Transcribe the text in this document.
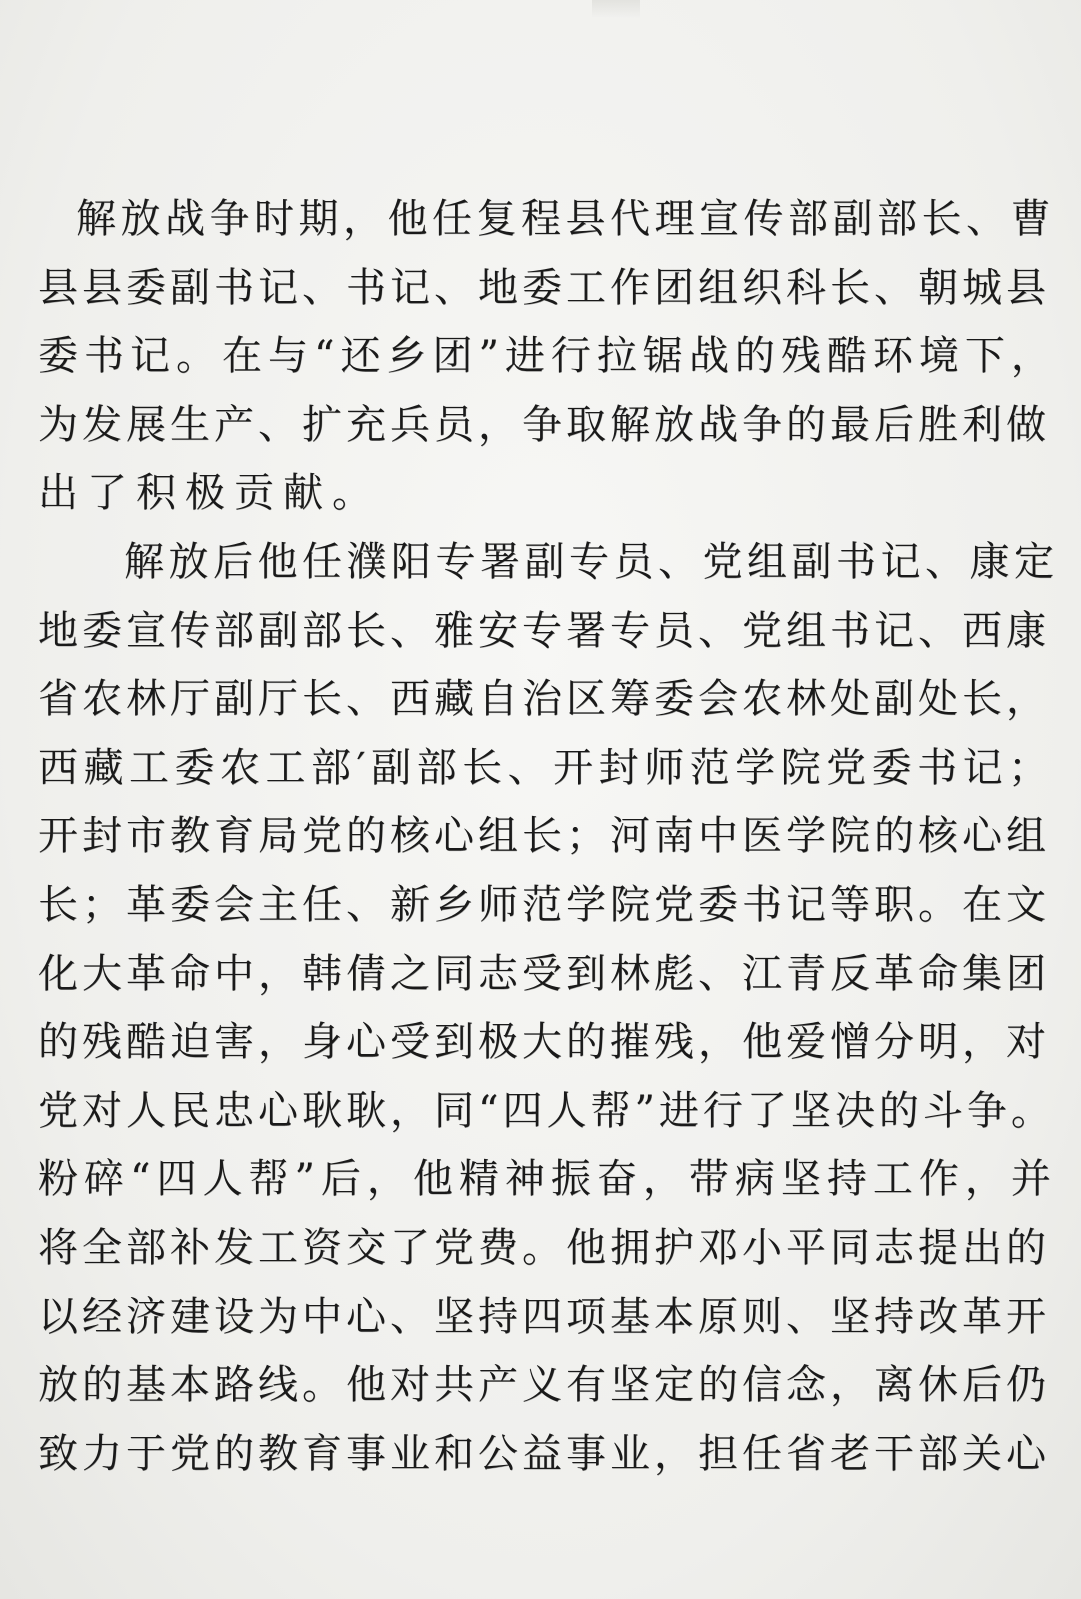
解放战争时期，他任复程县代理宣传部副部长、曹
县县委副书记、书记、地委工作团组织科长、朝城县
委书记。在与“还乡团”进行拉锯战的残酷环境下，
为发展生产、扩充兵员，争取解放战争的最后胜利做
出了积极贡献。
解放后他任濮阳专署副专员、党组副书记、康定
地委宣传部副部长、雅安专署专员、党组书记、西康
省农林厅副厅长、西藏自治区筹委会农林处副处长，
西藏工委农工部′副部长、开封师范学院党委书记；
开封市教育局党的核心组长；河南中医学院的核心组
长；革委会主任、新乡师范学院党委书记等职。在文
化大革命中，韩倩之同志受到林彪、江青反革命集团
的残酷迫害，身心受到极大的摧残，他爱憎分明，对
党对人民忠心耿耿，同“四人帮”进行了坚决的斗争。
粉碎“四人帮”后，他精神振奋，带病坚持工作，并
将全部补发工资交了党费。他拥护邓小平同志提出的
以经济建设为中心、坚持四项基本原则、坚持改革开
放的基本路线。他对共产义有坚定的信念，离休后仍
致力于党的教育事业和公益事业，担任省老干部关心
